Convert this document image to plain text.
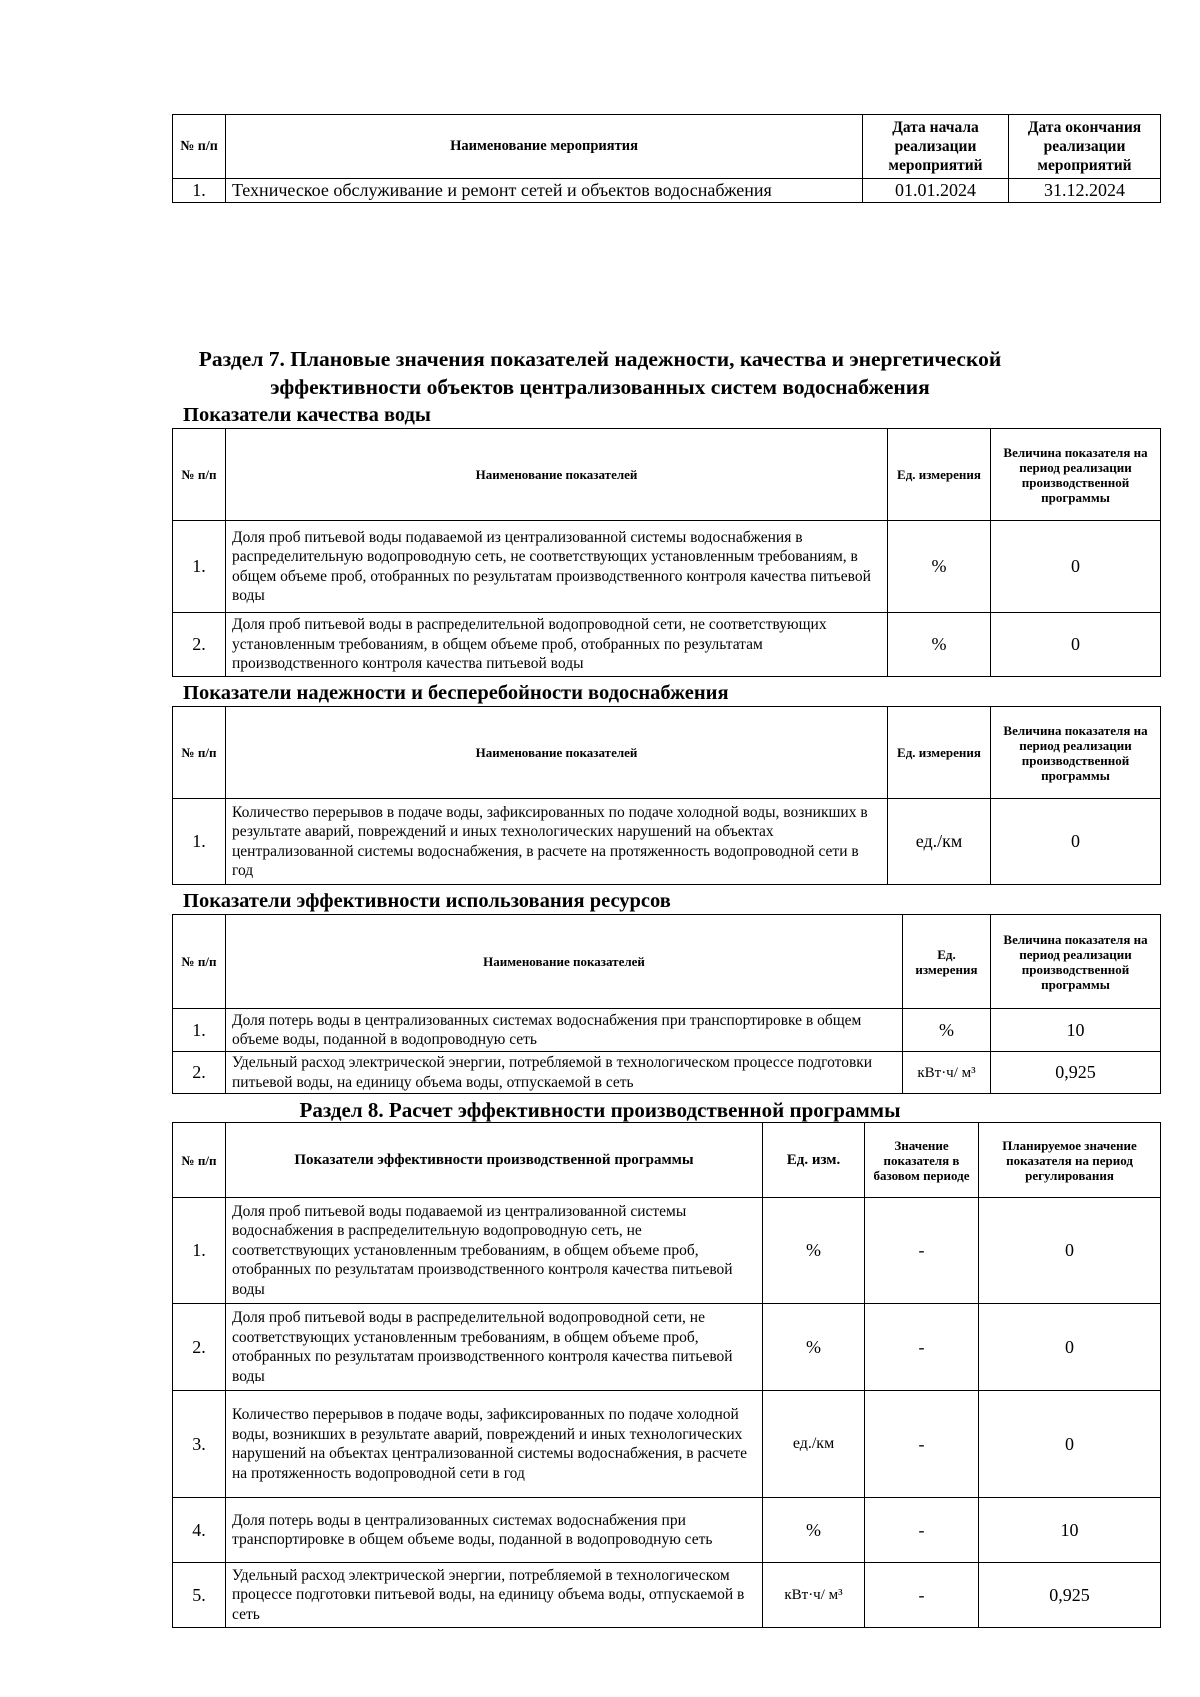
№ п/п	Наименование мероприятия	Дата начала реализации мероприятий	Дата окончания реализации мероприятий
1.	Техническое обслуживание и ремонт сетей и объектов водоснабжения	01.01.2024	31.12.2024
Раздел 7. Плановые значения показателей надежности, качества и энергетической
эффективности объектов централизованных систем водоснабжения
Показатели качества воды
№ п/п	Наименование показателей	Ед. измерения	Величина показателя на период реализации производственной программы
1.	Доля проб питьевой воды подаваемой из централизованной системы водоснабжения в распределительную водопроводную сеть, не соответствующих установленным требованиям, в общем объеме проб, отобранных по результатам производственного контроля качества питьевой воды	%	0
2.	Доля проб питьевой воды в распределительной водопроводной сети, не соответствующих установленным требованиям, в общем объеме проб, отобранных по результатам производственного контроля качества питьевой воды	%	0
Показатели надежности и бесперебойности водоснабжения
№ п/п	Наименование показателей	Ед. измерения	Величина показателя на период реализации производственной программы
1.	Количество перерывов в подаче воды, зафиксированных по подаче холодной воды, возникших в результате аварий, повреждений и иных технологических нарушений на объектах централизованной системы водоснабжения, в расчете на протяженность водопроводной сети в год	ед./км	0
Показатели эффективности использования ресурсов
№ п/п	Наименование показателей	Ед. измерения	Величина показателя на период реализации производственной программы
1.	Доля потерь воды в централизованных системах водоснабжения при транспортировке в общем объеме воды, поданной в водопроводную сеть	%	10
2.	Удельный расход электрической энергии, потребляемой в технологическом процессе подготовки питьевой воды, на единицу объема воды, отпускаемой в сеть	кВт·ч/ м³	0,925
Раздел 8. Расчет эффективности производственной программы
№ п/п	Показатели эффективности производственной программы	Ед. изм.	Значение показателя в базовом периоде	Планируемое значение показателя на период регулирования
1.	Доля проб питьевой воды подаваемой из централизованной системы водоснабжения в распределительную водопроводную сеть, не соответствующих установленным требованиям, в общем объеме проб, отобранных по результатам производственного контроля качества питьевой воды	%	-	0
2.	Доля проб питьевой воды в распределительной водопроводной сети, не соответствующих установленным требованиям, в общем объеме проб, отобранных по результатам производственного контроля качества питьевой воды	%	-	0
3.	Количество перерывов в подаче воды, зафиксированных по подаче холодной воды, возникших в результате аварий, повреждений и иных технологических нарушений на объектах централизованной системы водоснабжения, в расчете на протяженность водопроводной сети в год	ед./км	-	0
4.	Доля потерь воды в централизованных системах водоснабжения при транспортировке в общем объеме воды, поданной в водопроводную сеть	%	-	10
5.	Удельный расход электрической энергии, потребляемой в технологическом процессе подготовки питьевой воды, на единицу объема воды, отпускаемой в сеть	кВт·ч/ м³	-	0,925
